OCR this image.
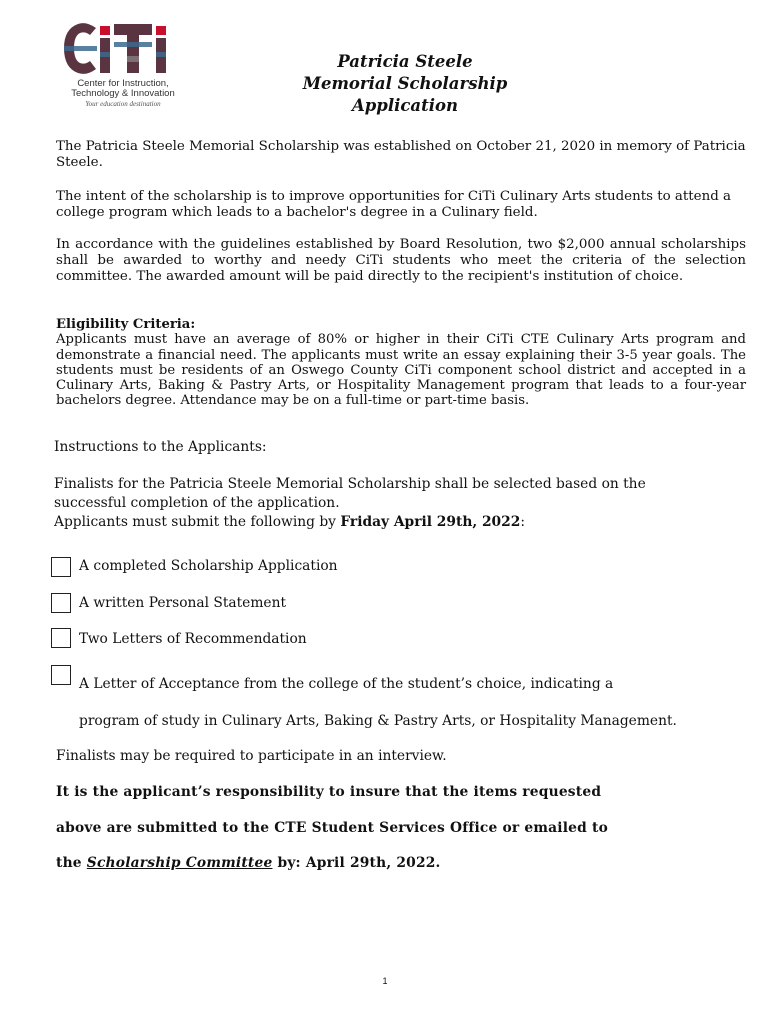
CiTi
Center for Instruction,
Technology & Innovation
Your education destination
Patricia Steele
Memorial Scholarship
Application

The Patricia Steele Memorial Scholarship was established on October 21, 2020 in memory of Patricia Steele.

The intent of the scholarship is to improve opportunities for CiTi Culinary Arts students to attend a college program which leads to a bachelor's degree in a Culinary field.

In accordance with the guidelines established by Board Resolution, two $2,000 annual scholarships shall be awarded to worthy and needy CiTi students who meet the criteria of the selection committee. The awarded amount will be paid directly to the recipient's institution of choice.

Eligibility Criteria:
Applicants must have an average of 80% or higher in their CiTi CTE Culinary Arts program and demonstrate a financial need. The applicants must write an essay explaining their 3-5 year goals. The students must be residents of an Oswego County CiTi component school district and accepted in a Culinary Arts, Baking & Pastry Arts, or Hospitality Management program that leads to a four-year bachelors degree. Attendance may be on a full-time or part-time basis.
Instructions to the Applicants:
Finalists for the Patricia Steele Memorial Scholarship shall be selected based on the
successful completion of the application.
Applicants must submit the following by Friday April 29th, 2022:
A completed Scholarship Application
A written Personal Statement
Two Letters of Recommendation
A Letter of Acceptance from the college of the student’s choice, indicating a
program of study in Culinary Arts, Baking & Pastry Arts, or Hospitality Management.
Finalists may be required to participate in an interview.
It is the applicant’s responsibility to insure that the items requested
above are submitted to the CTE Student Services Office or emailed to
the Scholarship Committee by: April 29th, 2022.
1
